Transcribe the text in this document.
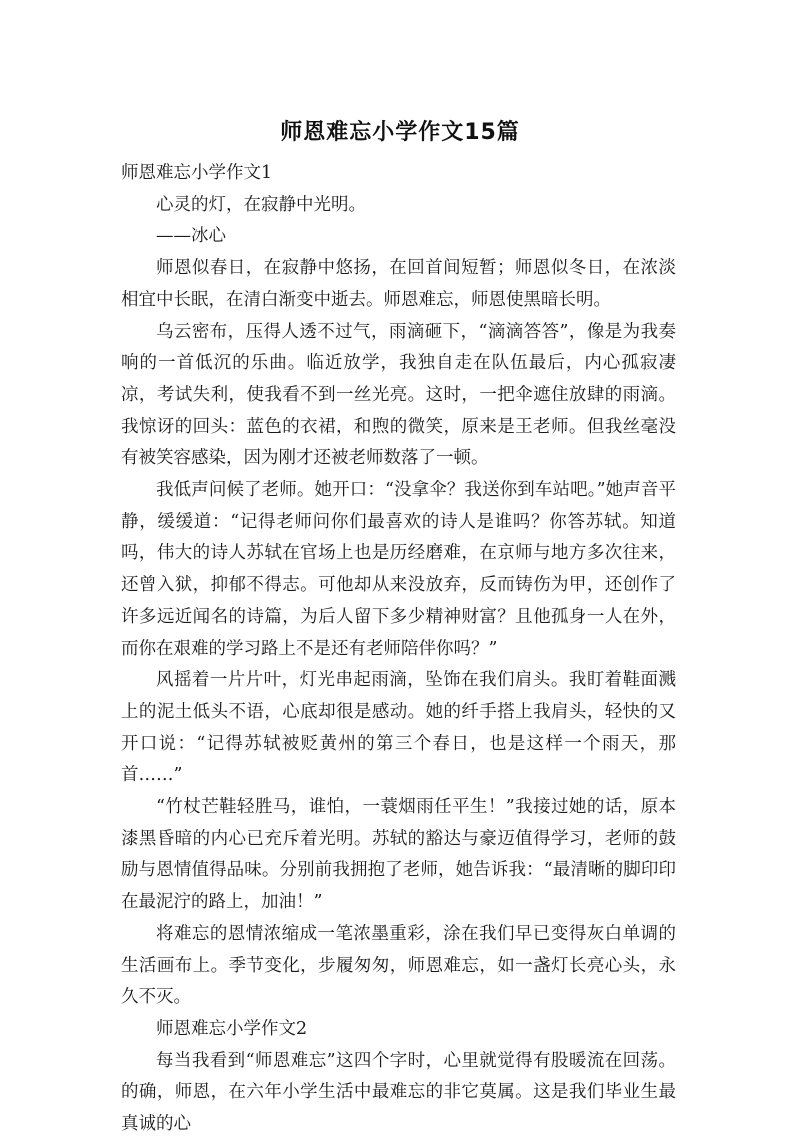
师恩难忘小学作文15篇

师恩难忘小学作文1

心灵的灯，在寂静中光明。

——冰心

师恩似春日，在寂静中悠扬，在回首间短暂；师恩似冬日，在浓淡相宜中长眠，在清白渐变中逝去。师恩难忘，师恩使黑暗长明。

乌云密布，压得人透不过气，雨滴砸下，“滴滴答答”，像是为我奏响的一首低沉的乐曲。临近放学，我独自走在队伍最后，内心孤寂凄凉，考试失利，使我看不到一丝光亮。这时，一把伞遮住放肆的雨滴。我惊讶的回头：蓝色的衣裙，和煦的微笑，原来是王老师。但我丝毫没有被笑容感染，因为刚才还被老师数落了一顿。

我低声问候了老师。她开口：“没拿伞？我送你到车站吧。”她声音平静，缓缓道：“记得老师问你们最喜欢的诗人是谁吗？你答苏轼。知道吗，伟大的诗人苏轼在官场上也是历经磨难，在京师与地方多次往来，还曾入狱，抑郁不得志。可他却从来没放弃，反而铸伤为甲，还创作了许多远近闻名的诗篇，为后人留下多少精神财富？且他孤身一人在外，而你在艰难的学习路上不是还有老师陪伴你吗？”

风摇着一片片叶，灯光串起雨滴，坠饰在我们肩头。我盯着鞋面溅上的泥土低头不语，心底却很是感动。她的纤手搭上我肩头，轻快的又开口说：“记得苏轼被贬黄州的第三个春日，也是这样一个雨天，那首……”

“竹杖芒鞋轻胜马，谁怕，一蓑烟雨任平生！”我接过她的话，原本漆黑昏暗的内心已充斥着光明。苏轼的豁达与豪迈值得学习，老师的鼓励与恩情值得品味。分别前我拥抱了老师，她告诉我：“最清晰的脚印印在最泥泞的路上，加油！”

将难忘的恩情浓缩成一笔浓墨重彩，涂在我们早已变得灰白单调的生活画布上。季节变化，步履匆匆，师恩难忘，如一盏灯长亮心头，永久不灭。

师恩难忘小学作文2

每当我看到“师恩难忘”这四个字时，心里就觉得有股暖流在回荡。的确，师恩，在六年小学生活中最难忘的非它莫属。这是我们毕业生最真诚的心
